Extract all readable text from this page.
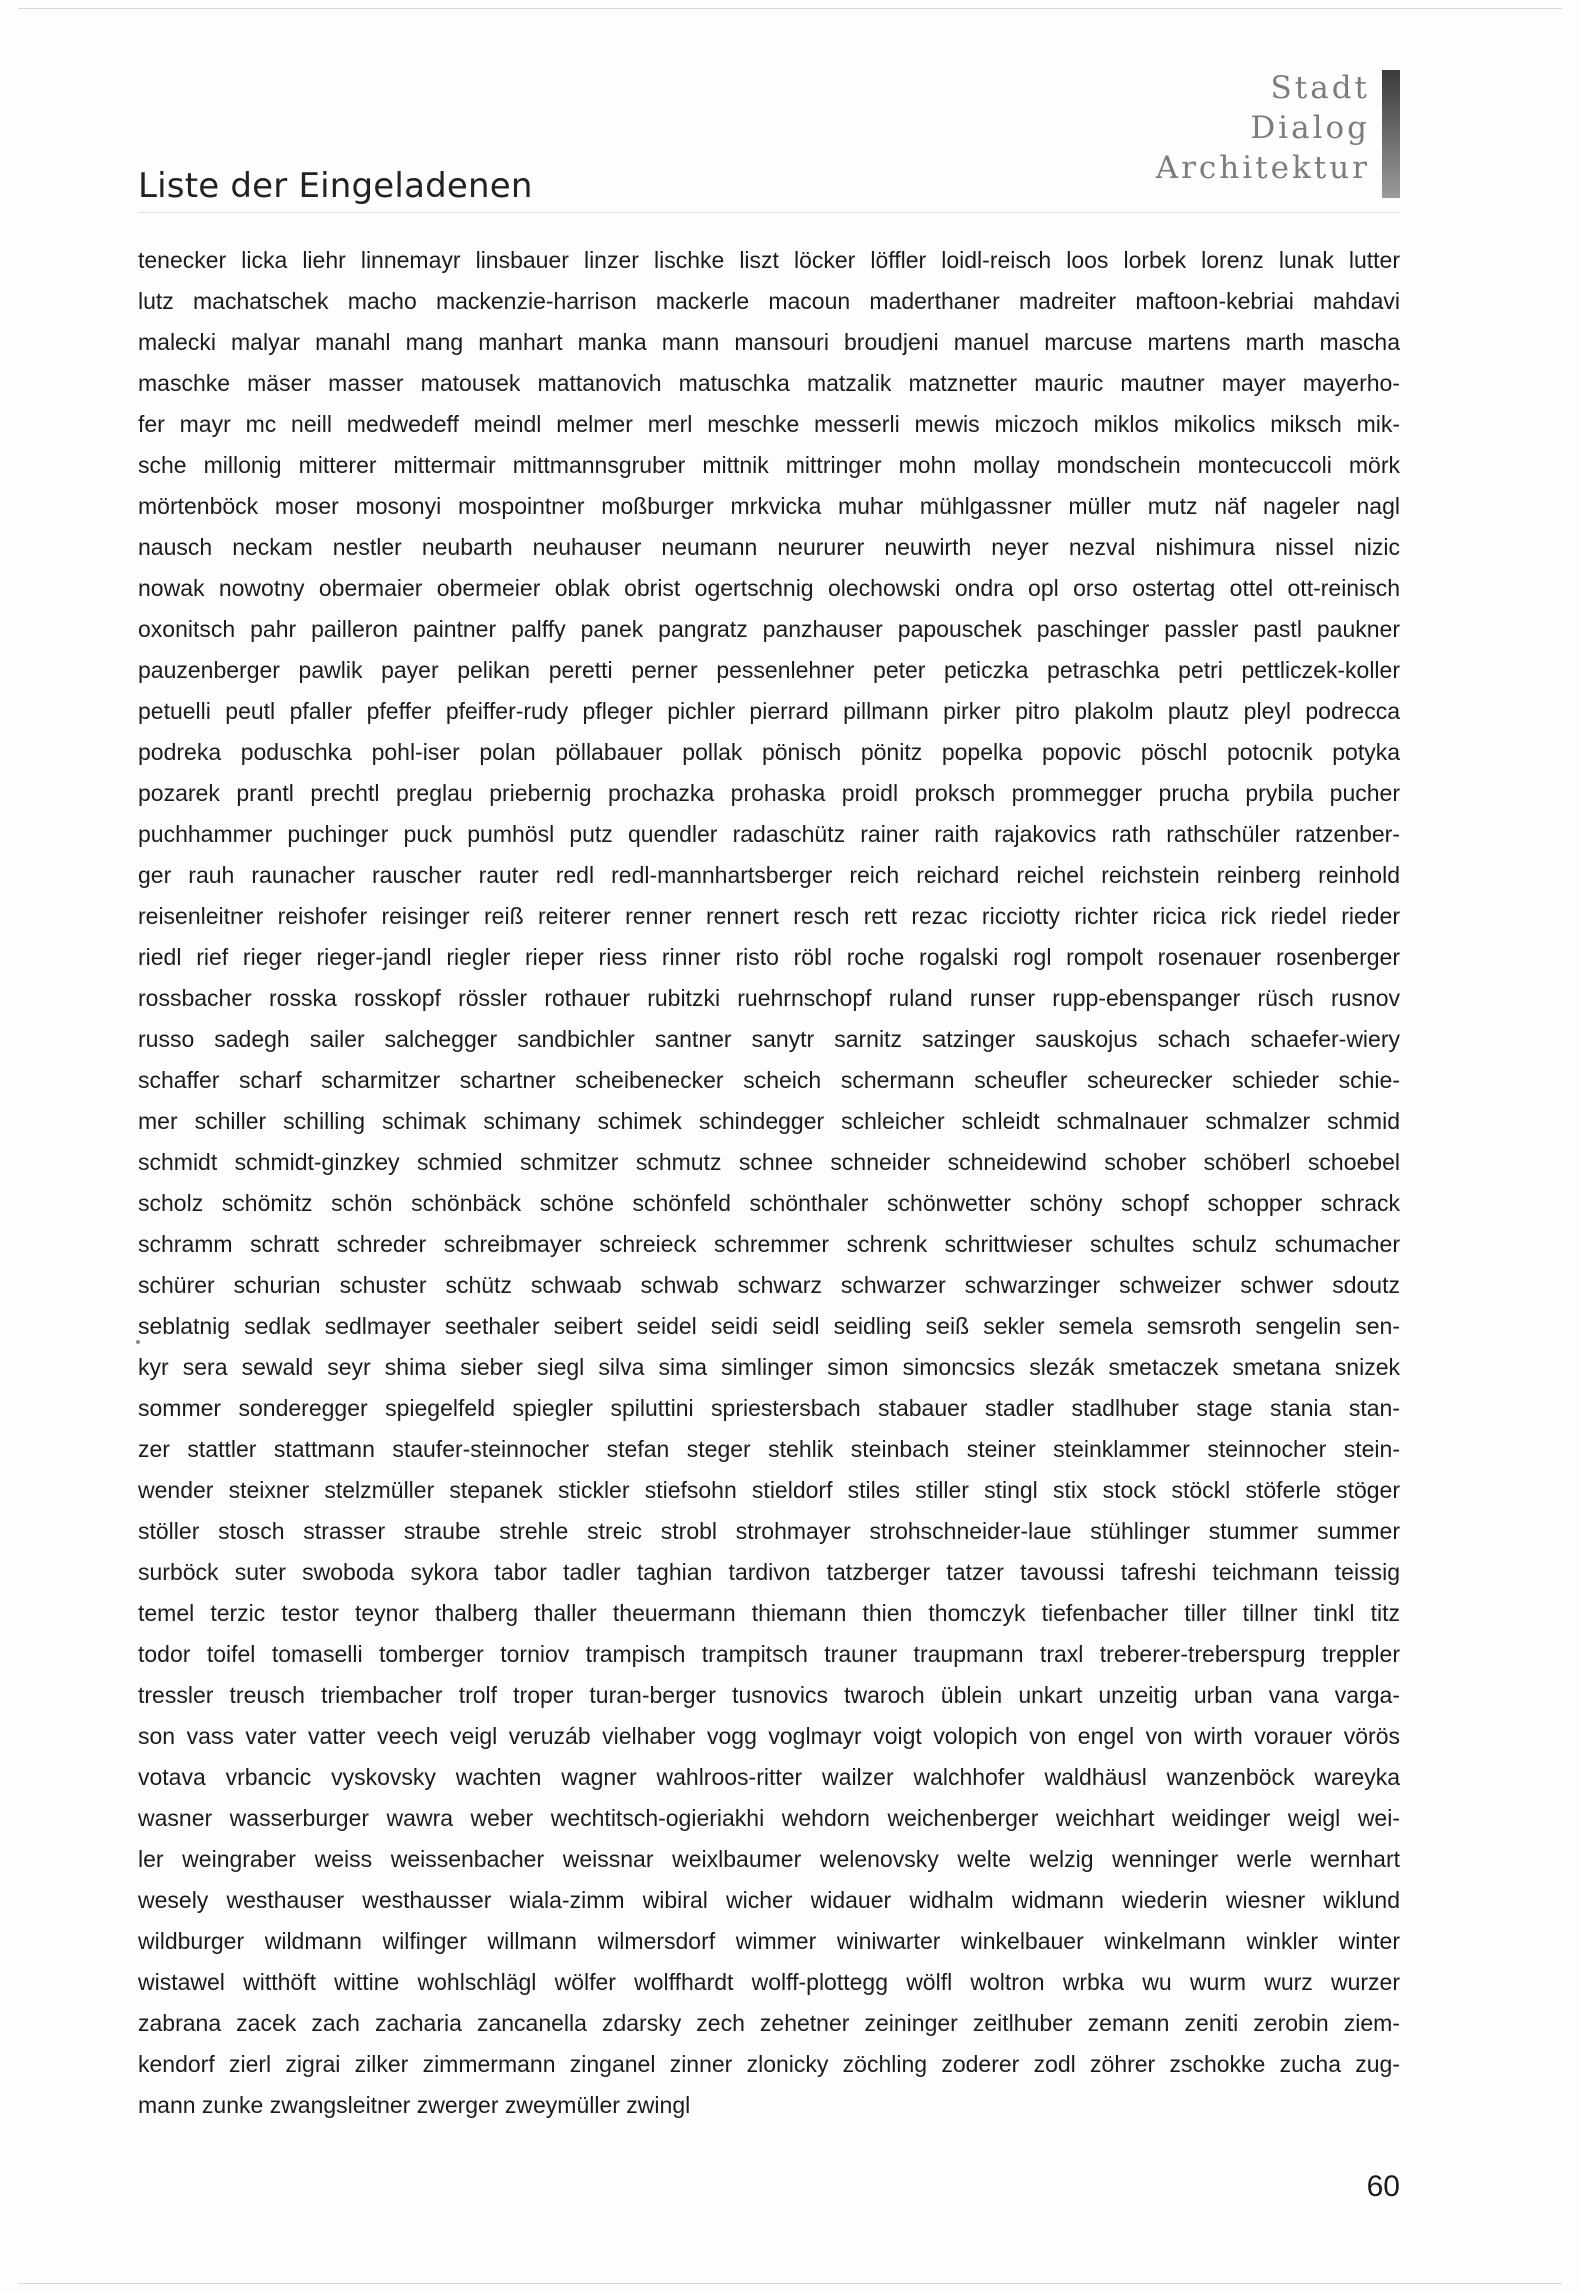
Liste der Eingeladenen
Stadt
Dialog
Architektur
tenecker licka liehr linnemayr linsbauer linzer lischke liszt löcker löffler loidl-reisch loos lorbek lorenz lunak lutter
lutz machatschek macho mackenzie-harrison mackerle macoun maderthaner madreiter maftoon-kebriai mahdavi
malecki malyar manahl mang manhart manka mann mansouri broudjeni manuel marcuse martens marth mascha
maschke mäser masser matousek mattanovich matuschka matzalik matznetter mauric mautner mayer mayerho-
fer mayr mc neill medwedeff meindl melmer merl meschke messerli mewis miczoch miklos mikolics miksch mik-
sche millonig mitterer mittermair mittmannsgruber mittnik mittringer mohn mollay mondschein montecuccoli mörk
mörtenböck moser mosonyi mospointner moßburger mrkvicka muhar mühlgassner müller mutz näf nageler nagl
nausch neckam nestler neubarth neuhauser neumann neururer neuwirth neyer nezval nishimura nissel nizic
nowak nowotny obermaier obermeier oblak obrist ogertschnig olechowski ondra opl orso ostertag ottel ott-reinisch
oxonitsch pahr pailleron paintner palffy panek pangratz panzhauser papouschek paschinger passler pastl paukner
pauzenberger pawlik payer pelikan peretti perner pessenlehner peter peticzka petraschka petri pettliczek-koller
petuelli peutl pfaller pfeffer pfeiffer-rudy pfleger pichler pierrard pillmann pirker pitro plakolm plautz pleyl podrecca
podreka poduschka pohl-iser polan pöllabauer pollak pönisch pönitz popelka popovic pöschl potocnik potyka
pozarek prantl prechtl preglau priebernig prochazka prohaska proidl proksch prommegger prucha prybila pucher
puchhammer puchinger puck pumhösl putz quendler radaschütz rainer raith rajakovics rath rathschüler ratzenber-
ger rauh raunacher rauscher rauter redl redl-mannhartsberger reich reichard reichel reichstein reinberg reinhold
reisenleitner reishofer reisinger reiß reiterer renner rennert resch rett rezac ricciotty richter ricica rick riedel rieder
riedl rief rieger rieger-jandl riegler rieper riess rinner risto röbl roche rogalski rogl rompolt rosenauer rosenberger
rossbacher rosska rosskopf rössler rothauer rubitzki ruehrnschopf ruland runser rupp-ebenspanger rüsch rusnov
russo sadegh sailer salchegger sandbichler santner sanytr sarnitz satzinger sauskojus schach schaefer-wiery
schaffer scharf scharmitzer schartner scheibenecker scheich schermann scheufler scheurecker schieder schie-
mer schiller schilling schimak schimany schimek schindegger schleicher schleidt schmalnauer schmalzer schmid
schmidt schmidt-ginzkey schmied schmitzer schmutz schnee schneider schneidewind schober schöberl schoebel
scholz schömitz schön schönbäck schöne schönfeld schönthaler schönwetter schöny schopf schopper schrack
schramm schratt schreder schreibmayer schreieck schremmer schrenk schrittwieser schultes schulz schumacher
schürer schurian schuster schütz schwaab schwab schwarz schwarzer schwarzinger schweizer schwer sdoutz
seblatnig sedlak sedlmayer seethaler seibert seidel seidi seidl seidling seiß sekler semela semsroth sengelin sen-
kyr sera sewald seyr shima sieber siegl silva sima simlinger simon simoncsics slezák smetaczek smetana snizek
sommer sonderegger spiegelfeld spiegler spiluttini spriestersbach stabauer stadler stadlhuber stage stania stan-
zer stattler stattmann staufer-steinnocher stefan steger stehlik steinbach steiner steinklammer steinnocher stein-
wender steixner stelzmüller stepanek stickler stiefsohn stieldorf stiles stiller stingl stix stock stöckl stöferle stöger
stöller stosch strasser straube strehle streic strobl strohmayer strohschneider-laue stühlinger stummer summer
surböck suter swoboda sykora tabor tadler taghian tardivon tatzberger tatzer tavoussi tafreshi teichmann teissig
temel terzic testor teynor thalberg thaller theuermann thiemann thien thomczyk tiefenbacher tiller tillner tinkl titz
todor toifel tomaselli tomberger torniov trampisch trampitsch trauner traupmann traxl treberer-treberspurg treppler
tressler treusch triembacher trolf troper turan-berger tusnovics twaroch üblein unkart unzeitig urban vana varga-
son vass vater vatter veech veigl veruzáb vielhaber vogg voglmayr voigt volopich von engel von wirth vorauer vörös
votava vrbancic vyskovsky wachten wagner wahlroos-ritter wailzer walchhofer waldhäusl wanzenböck wareyka
wasner wasserburger wawra weber wechtitsch-ogieriakhi wehdorn weichenberger weichhart weidinger weigl wei-
ler weingraber weiss weissenbacher weissnar weixlbaumer welenovsky welte welzig wenninger werle wernhart
wesely westhauser westhausser wiala-zimm wibiral wicher widauer widhalm widmann wiederin wiesner wiklund
wildburger wildmann wilfinger willmann wilmersdorf wimmer winiwarter winkelbauer winkelmann winkler winter
wistawel witthöft wittine wohlschlägl wölfer wolffhardt wolff-plottegg wölfl woltron wrbka wu wurm wurz wurzer
zabrana zacek zach zacharia zancanella zdarsky zech zehetner zeininger zeitlhuber zemann zeniti zerobin ziem-
kendorf zierl zigrai zilker zimmermann zinganel zinner zlonicky zöchling zoderer zodl zöhrer zschokke zucha zug-
mann zunke zwangsleitner zwerger zweymüller zwingl
60
